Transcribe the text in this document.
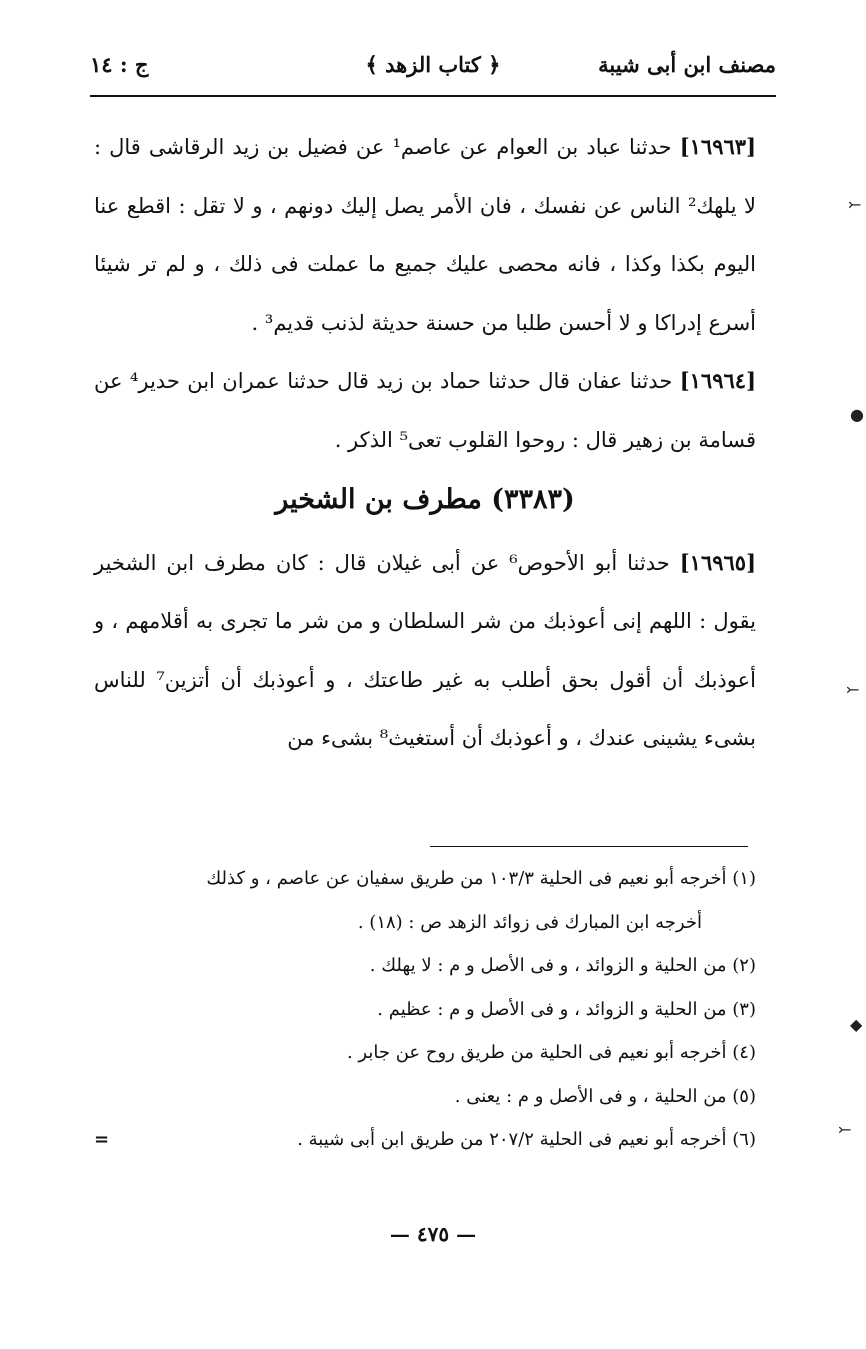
مصنف ابن أبى شيبة
﴿ كتاب الزهد ﴾
ج : ١٤

[١٦٩٦٣] حدثنا عباد بن العوام عن عاصم¹ عن فضيل بن زيد الرقاشى قال : لا يلهك² الناس عن نفسك ، فان الأمر يصل إليك دونهم ، و لا تقل : اقطع عنا اليوم بكذا وكذا ، فانه محصى عليك جميع ما عملت فى ذلك ، و لم تر شيئا أسرع إدراكا و لا أحسن طلبا من حسنة حديثة لذنب قديم³ .

[١٦٩٦٤] حدثنا عفان قال حدثنا حماد بن زيد قال حدثنا عمران ابن حدير⁴ عن قسامة بن زهير قال : روحوا القلوب تعى⁵ الذكر .

(٣٣٨٣) مطرف بن الشخير

[١٦٩٦٥] حدثنا أبو الأحوص⁶ عن أبى غيلان قال : كان مطرف ابن الشخير يقول : اللهم إنى أعوذبك من شر السلطان و من شر ما تجرى به أقلامهم ، و أعوذبك أن أقول بحق أطلب به غير طاعتك ، و أعوذبك أن أتزين⁷ للناس بشىء يشينى عندك ، و أعوذبك أن أستغيث⁸ بشىء من

(١) أخرجه أبو نعيم فى الحلية ١٠٣/٣ من طريق سفيان عن عاصم ، و كذلك

أخرجه ابن المبارك فى زوائد الزهد ص : (١٨) .

(٢) من الحلية و الزوائد ، و فى الأصل و م : لا يهلك .

(٣) من الحلية و الزوائد ، و فى الأصل و م : عظيم .

(٤) أخرجه أبو نعيم فى الحلية من طريق روح عن جابر .

(٥) من الحلية ، و فى الأصل و م : يعنى .

(٦) أخرجه أبو نعيم فى الحلية ٢٠٧/٢ من طريق ابن أبى شيبة .
=

— ٤٧٥ —
⤚
●
⤚
◆
⤚
